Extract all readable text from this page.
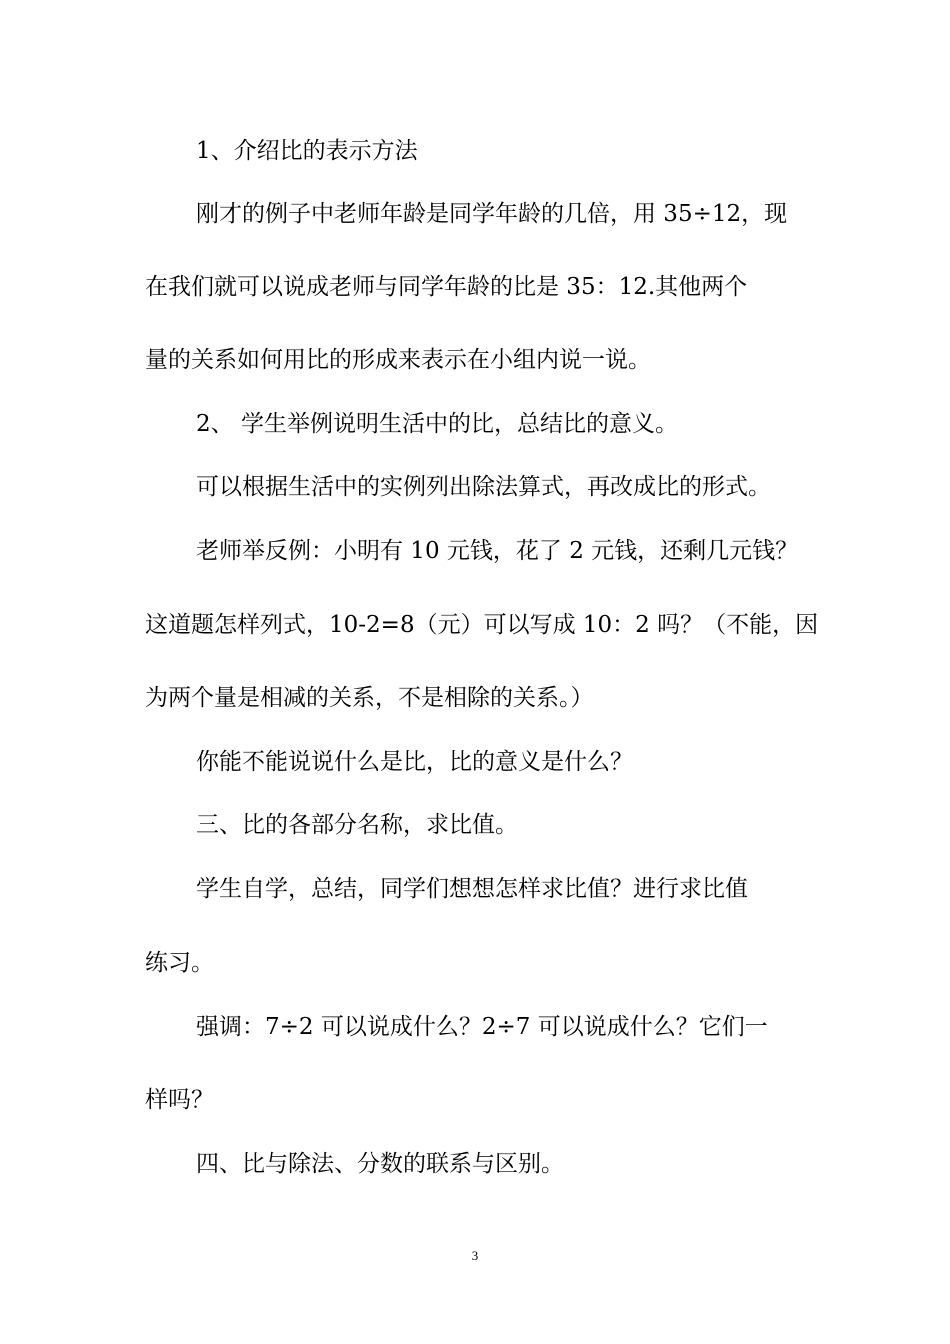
1、介绍比的表示方法
刚才的例子中老师年龄是同学年龄的几倍，用 35÷12，现
在我们就可以说成老师与同学年龄的比是 35：12.其他两个
量的关系如何用比的形成来表示在小组内说一说。
2、 学生举例说明生活中的比，总结比的意义。
可以根据生活中的实例列出除法算式，再改成比的形式。
老师举反例：小明有 10 元钱，花了 2 元钱，还剩几元钱？
这道题怎样列式，10-2=8（元）可以写成 10：2 吗？（不能，因
为两个量是相减的关系，不是相除的关系。）
你能不能说说什么是比，比的意义是什么？
三、比的各部分名称，求比值。
学生自学，总结，同学们想想怎样求比值？进行求比值
练习。
强调：7÷2 可以说成什么？2÷7 可以说成什么？它们一
样吗？
四、比与除法、分数的联系与区别。
3
